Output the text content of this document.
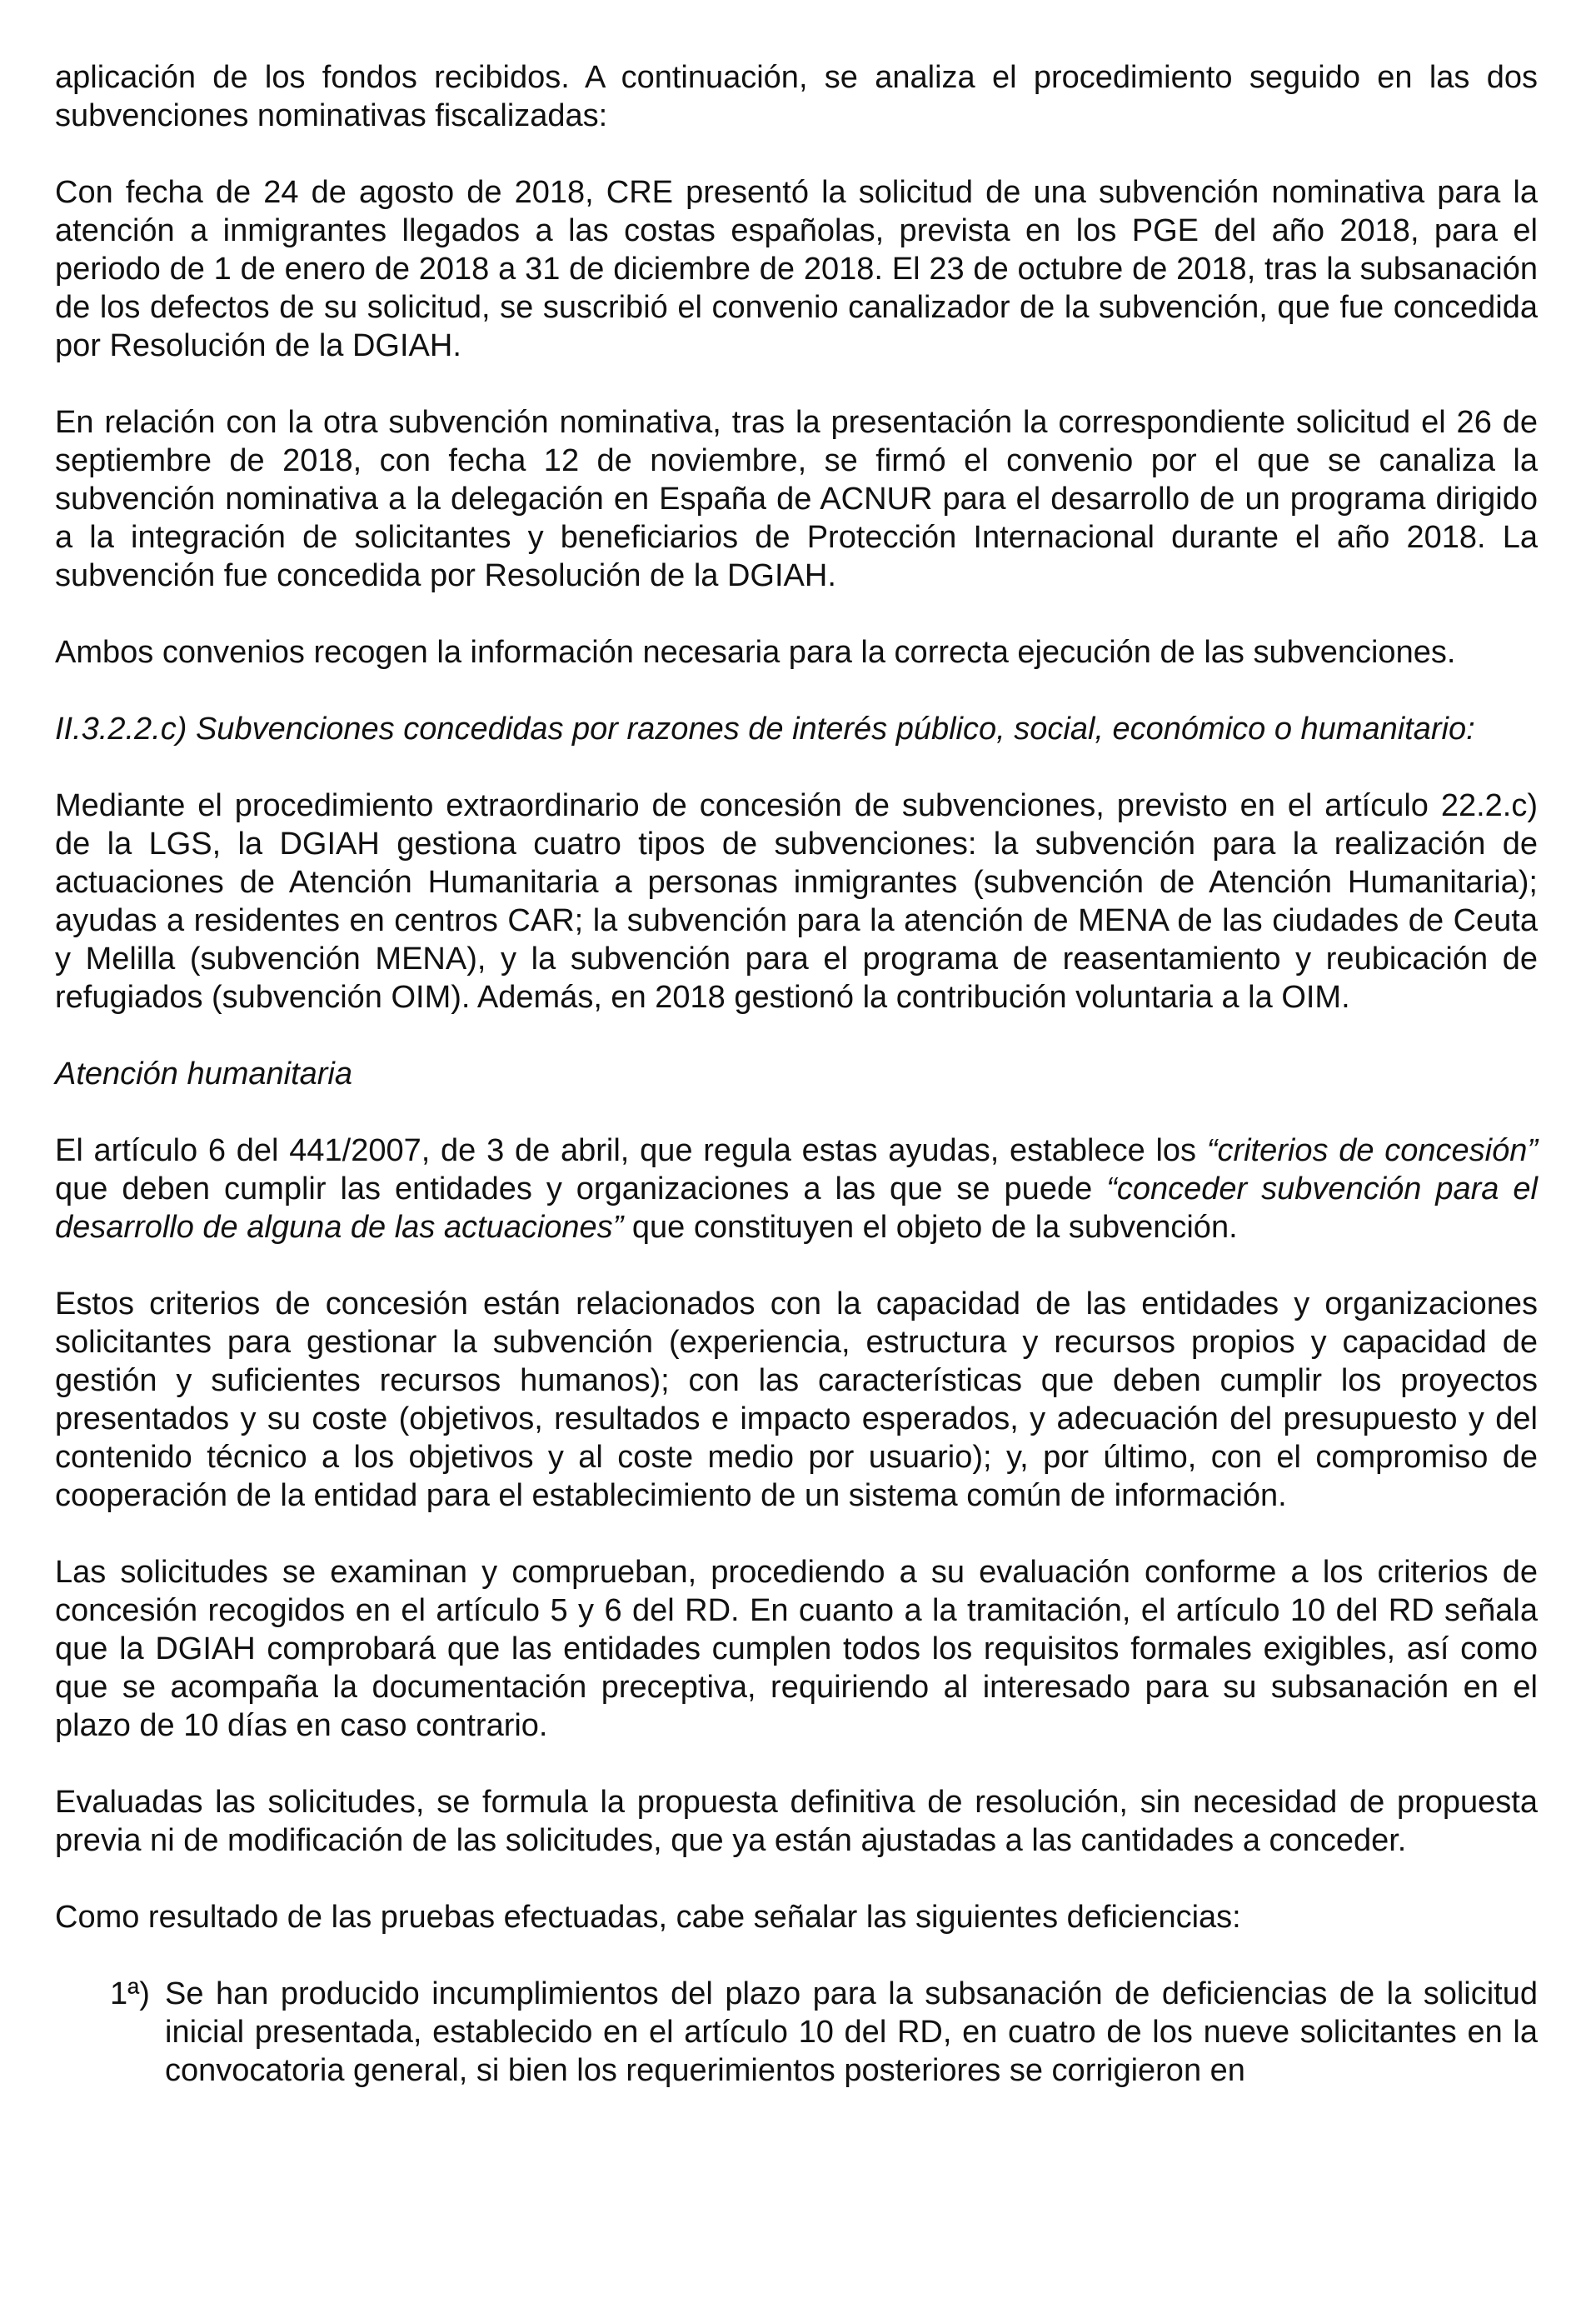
aplicación de los fondos recibidos. A continuación, se analiza el procedimiento seguido en las dos subvenciones nominativas fiscalizadas:

Con fecha de 24 de agosto de 2018, CRE presentó la solicitud de una subvención nominativa para la atención a inmigrantes llegados a las costas españolas, prevista en los PGE del año 2018, para el periodo de 1 de enero de 2018 a 31 de diciembre de 2018. El 23 de octubre de 2018, tras la subsanación de los defectos de su solicitud, se suscribió el convenio canalizador de la subvención, que fue concedida por Resolución de la DGIAH.

En relación con la otra subvención nominativa, tras la presentación la correspondiente solicitud el 26 de septiembre de 2018, con fecha 12 de noviembre, se firmó el convenio por el que se canaliza la subvención nominativa a la delegación en España de ACNUR para el desarrollo de un programa dirigido a la integración de solicitantes y beneficiarios de Protección Internacional durante el año 2018. La subvención fue concedida por Resolución de la DGIAH.

Ambos convenios recogen la información necesaria para la correcta ejecución de las subvenciones.

II.3.2.2.c) Subvenciones concedidas por razones de interés público, social, económico o humanitario:

Mediante el procedimiento extraordinario de concesión de subvenciones, previsto en el artículo 22.2.c) de la LGS, la DGIAH gestiona cuatro tipos de subvenciones: la subvención para la realización de actuaciones de Atención Humanitaria a personas inmigrantes (subvención de Atención Humanitaria); ayudas a residentes en centros CAR; la subvención para la atención de MENA de las ciudades de Ceuta y Melilla (subvención MENA), y la subvención para el programa de reasentamiento y reubicación de refugiados (subvención OIM). Además, en 2018 gestionó la contribución voluntaria a la OIM.

Atención humanitaria

El artículo 6 del 441/2007, de 3 de abril, que regula estas ayudas, establece los “criterios de concesión” que deben cumplir las entidades y organizaciones a las que se puede “conceder subvención para el desarrollo de alguna de las actuaciones” que constituyen el objeto de la subvención.

Estos criterios de concesión están relacionados con la capacidad de las entidades y organizaciones solicitantes para gestionar la subvención (experiencia, estructura y recursos propios y capacidad de gestión y suficientes recursos humanos); con las características que deben cumplir los proyectos presentados y su coste (objetivos, resultados e impacto esperados, y adecuación del presupuesto y del contenido técnico a los objetivos y al coste medio por usuario); y, por último, con el compromiso de cooperación de la entidad para el establecimiento de un sistema común de información.

Las solicitudes se examinan y comprueban, procediendo a su evaluación conforme a los criterios de concesión recogidos en el artículo 5 y 6 del RD. En cuanto a la tramitación, el artículo 10 del RD señala que la DGIAH comprobará que las entidades cumplen todos los requisitos formales exigibles, así como que se acompaña la documentación preceptiva, requiriendo al interesado para su subsanación en el plazo de 10 días en caso contrario.

Evaluadas las solicitudes, se formula la propuesta definitiva de resolución, sin necesidad de propuesta previa ni de modificación de las solicitudes, que ya están ajustadas a las cantidades a conceder.

Como resultado de las pruebas efectuadas, cabe señalar las siguientes deficiencias:

1ª) Se han producido incumplimientos del plazo para la subsanación de deficiencias de la solicitud inicial presentada, establecido en el artículo 10 del RD, en cuatro de los nueve solicitantes en la convocatoria general, si bien los requerimientos posteriores se corrigieron en
